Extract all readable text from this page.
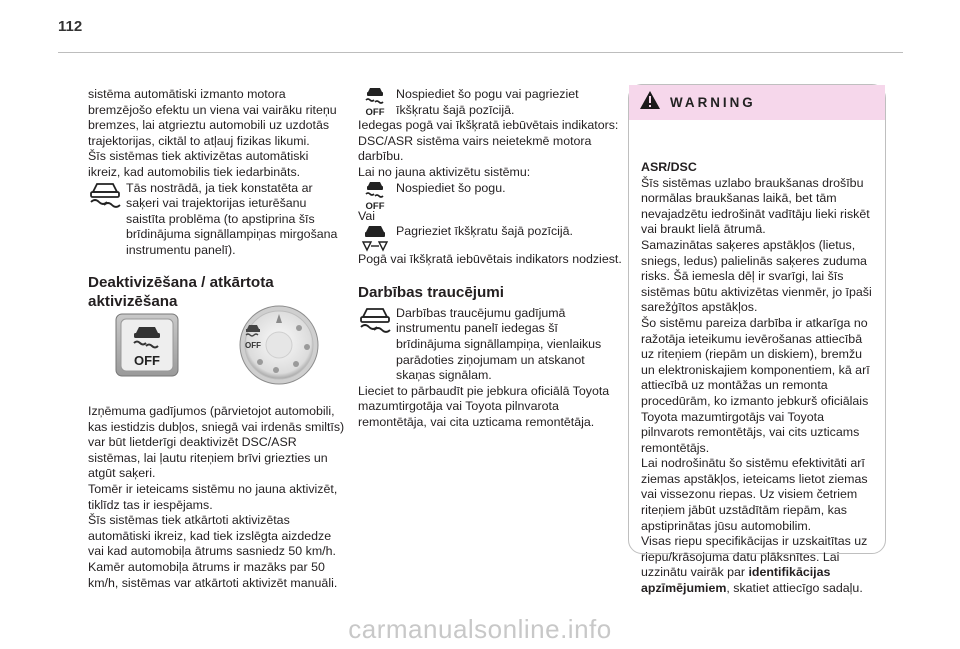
112

sistēma automātiski izmanto motora bremzējošo efektu un viena vai vairāku riteņu bremzes, lai atgrieztu automobili uz uzdotās trajektorijas, ciktāl to atļauj fizikas likumi.

Šīs sistēmas tiek aktivizētas automātiski ikreiz, kad automobilis tiek iedarbināts.

Tās nostrādā, ja tiek konstatēta ar saķeri vai trajektorijas ieturēšanu saistīta problēma (to apstiprina šīs brīdinājuma signāllampiņas mirgošana instrumentu panelī).

Deaktivizēšana / atkārtota aktivizēšana
OFF
OFF

Izņēmuma gadījumos (pārvietojot automobili, kas iestidzis dubļos, sniegā vai irdenās smiltīs) var būt lietderīgi deaktivizēt DSC/ASR sistēmas, lai ļautu riteņiem brīvi griezties un atgūt saķeri.

Tomēr ir ieteicams sistēmu no jauna aktivizēt, tiklīdz tas ir iespējams.

Šīs sistēmas tiek atkārtoti aktivizētas automātiski ikreiz, kad tiek izslēgta aizdedze vai kad automobiļa ātrums sasniedz 50 km/h.

Kamēr automobiļa ātrums ir mazāks par 50 km/h, sistēmas var atkārtoti aktivizēt manuāli.

OFF

Nospiediet šo pogu vai pagrieziet īkšķratu šajā pozīcijā.

Iedegas pogā vai īkšķratā iebūvētais indikators: DSC/ASR sistēma vairs neietekmē motora darbību.

Lai no jauna aktivizētu sistēmu:

OFF

Nospiediet šo pogu.

Vai

Pagrieziet īkšķratu šajā pozīcijā.

Pogā vai īkšķratā iebūvētais indikators nodziest.

Darbības traucējumi

Darbības traucējumu gadījumā instrumentu panelī iedegas šī brīdinājuma signāllampiņa, vienlaikus parādoties ziņojumam un atskanot skaņas signālam.

Lieciet to pārbaudīt pie jebkura oficiālā Toyota mazumtirgotāja vai Toyota pilnvarota remontētāja, vai cita uzticama remontētāja.

WARNING

ASR/DSC

Šīs sistēmas uzlabo braukšanas drošību normālas braukšanas laikā, bet tām nevajadzētu iedrošināt vadītāju lieki riskēt vai braukt lielā ātrumā.

Samazinātas saķeres apstākļos (lietus, sniegs, ledus) palielinās saķeres zuduma risks. Šā iemesla dēļ ir svarīgi, lai šīs sistēmas būtu aktivizētas vienmēr, jo īpaši sarežģītos apstākļos.

Šo sistēmu pareiza darbība ir atkarīga no ražotāja ieteikumu ievērošanas attiecībā uz riteņiem (riepām un diskiem), bremžu un elektroniskajiem komponentiem, kā arī attiecībā uz montāžas un remonta procedūrām, ko izmanto jebkurš oficiālais Toyota mazumtirgotājs vai Toyota pilnvarots remontētājs, vai cits uzticams remontētājs.

Lai nodrošinātu šo sistēmu efektivitāti arī ziemas apstākļos, ieteicams lietot ziemas vai vissezonu riepas. Uz visiem četriem riteņiem jābūt uzstādītām riepām, kas apstiprinātas jūsu automobilim.

Visas riepu specifikācijas ir uzskaitītas uz riepu/krāsojuma datu plāksnītes. Lai uzzinātu vairāk par identifikācijas apzīmējumiem, skatiet attiecīgo sadaļu.

carmanualsonline.info
